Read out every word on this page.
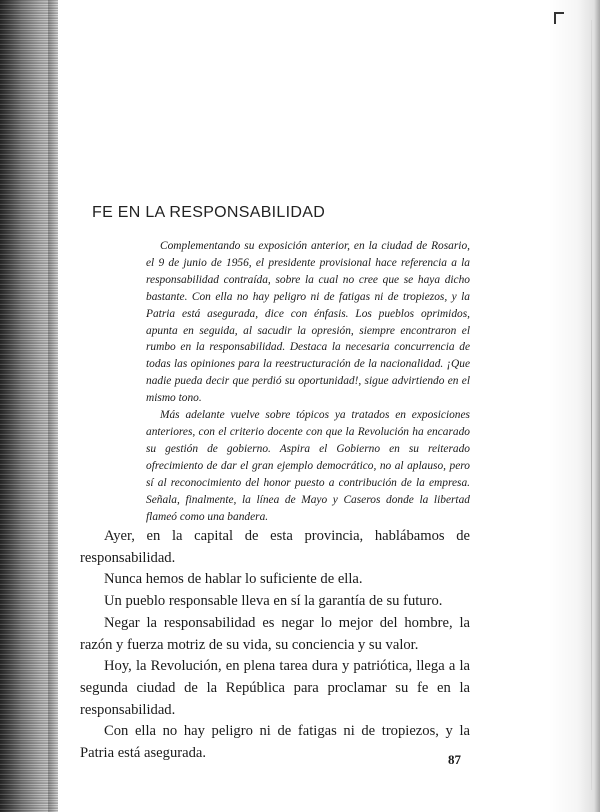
FE EN LA RESPONSABILIDAD

Complementando su exposición anterior, en la ciudad de Rosario, el 9 de junio de 1956, el presidente provisional hace referencia a la responsabilidad contraída, sobre la cual no cree que se haya dicho bastante. Con ella no hay peligro ni de fatigas ni de tropiezos, y la Patria está asegurada, dice con énfasis. Los pueblos oprimidos, apunta en seguida, al sacudir la opresión, siempre encontraron el rumbo en la responsabilidad. Destaca la necesaria concurrencia de todas las opiniones para la reestructuración de la nacionalidad. ¡Que nadie pueda decir que perdió su oportunidad!, sigue advirtiendo en el mismo tono.

Más adelante vuelve sobre tópicos ya tratados en exposiciones anteriores, con el criterio docente con que la Revolución ha encarado su gestión de gobierno. Aspira el Gobierno en su reiterado ofrecimiento de dar el gran ejemplo democrático, no al aplauso, pero sí al reconocimiento del honor puesto a contribución de la empresa. Señala, finalmente, la línea de Mayo y Caseros donde la libertad flameó como una bandera.

Ayer, en la capital de esta provincia, hablábamos de responsabilidad.

Nunca hemos de hablar lo suficiente de ella.

Un pueblo responsable lleva en sí la garantía de su futuro.

Negar la responsabilidad es negar lo mejor del hombre, la razón y fuerza motriz de su vida, su conciencia y su valor.

Hoy, la Revolución, en plena tarea dura y patriótica, llega a la segunda ciudad de la República para proclamar su fe en la responsabilidad.

Con ella no hay peligro ni de fatigas ni de tropiezos, y la Patria está asegurada.	87
